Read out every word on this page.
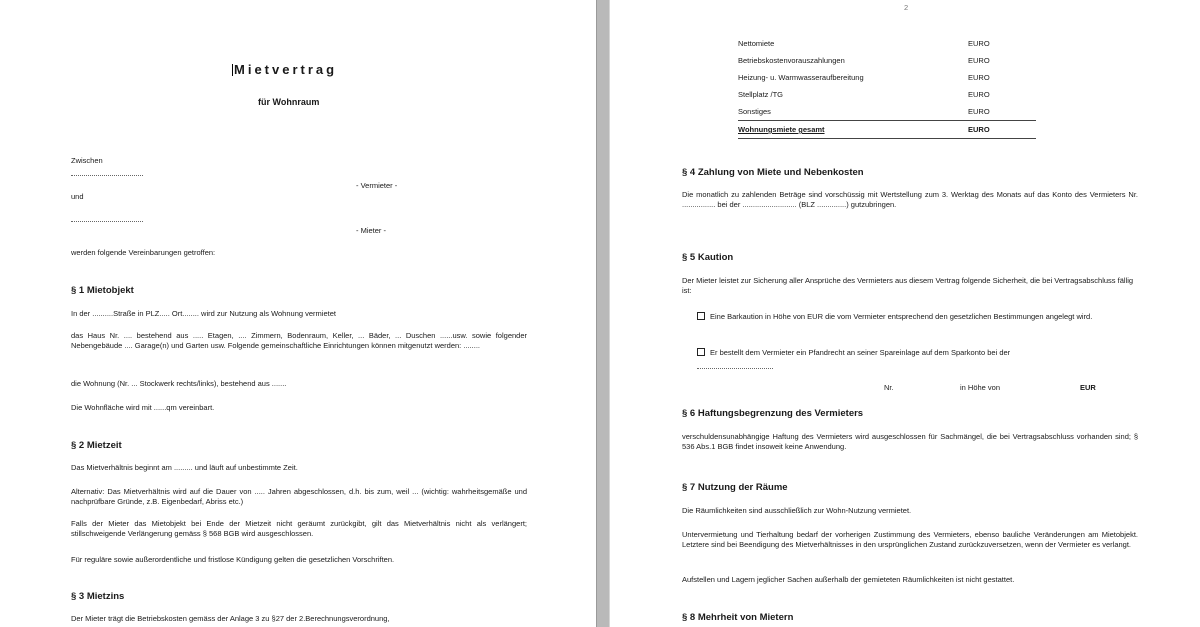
Mietvertrag
für Wohnraum
Zwischen
- Vermieter -
und
- Mieter -
werden folgende Vereinbarungen getroffen:
§ 1 Mietobjekt
In der ..........Straße in PLZ..... Ort........ wird zur Nutzung als Wohnung vermietet
das Haus Nr. .... bestehend aus ..... Etagen, .... Zimmern, Bodenraum, Keller, ... Bäder, ... Duschen ......usw. sowie folgender Nebengebäude .... Garage(n) und Garten usw. Folgende gemeinschaftliche Einrichtungen können mitgenutzt werden: ........
die Wohnung (Nr. ... Stockwerk rechts/links), bestehend aus .......
Die Wohnfläche wird mit ......qm vereinbart.
§ 2 Mietzeit
Das Mietverhältnis beginnt am ......... und läuft auf unbestimmte Zeit.
Alternativ: Das Mietverhältnis wird auf die Dauer von ..... Jahren abgeschlossen, d.h. bis zum, weil ... (wichtig: wahrheitsgemäße und nachprüfbare Gründe, z.B. Eigenbedarf, Abriss etc.)
Falls der Mieter das Mietobjekt bei Ende der Mietzeit nicht geräumt zurückgibt, gilt das Mietverhältnis nicht als verlängert; stillschweigende Verlängerung gemäss § 568 BGB wird ausgeschlossen.
Für reguläre sowie außerordentliche und fristlose Kündigung gelten die gesetzlichen Vorschriften.
§ 3 Mietzins
Der Mieter trägt die Betriebskosten gemäss der Anlage 3 zu §27 der 2.Berechnungsverordnung,
2
Nettomiete	EURO
Betriebskostenvorauszahlungen	EURO
Heizung- u. Warmwasseraufbereitung	EURO
Stellplatz /TG	EURO
Sonstiges	EURO
Wohnungsmiete gesamt	EURO
§ 4 Zahlung von Miete und Nebenkosten
Die monatlich zu zahlenden Beträge sind vorschüssig mit Wertstellung zum 3. Werktag des Monats auf das Konto des Vermieters Nr. ................ bei der .......................... (BLZ ..............) gutzubringen.
§ 5 Kaution
Der Mieter leistet zur Sicherung aller Ansprüche des Vermieters aus diesem Vertrag folgende Sicherheit, die bei Vertragsabschluss fällig ist:
Eine Barkaution in Höhe von EUR die vom Vermieter entsprechend den gesetzlichen Bestimmungen angelegt wird.
Er bestellt dem Vermieter ein Pfandrecht an seiner Spareinlage auf dem Sparkonto bei der
Nr.	in Höhe von	EUR
§ 6 Haftungsbegrenzung des Vermieters
verschuldensunabhängige Haftung des Vermieters wird ausgeschlossen für Sachmängel, die bei Vertragsabschluss vorhanden sind; § 536 Abs.1 BGB findet insoweit keine Anwendung.
§ 7 Nutzung der Räume
Die Räumlichkeiten sind ausschließlich zur Wohn-Nutzung vermietet.
Untervermietung und Tierhaltung bedarf der vorherigen Zustimmung des Vermieters, ebenso bauliche Veränderungen am Mietobjekt. Letztere sind bei Beendigung des Mietverhältnisses in den ursprünglichen Zustand zurückzuversetzen, wenn der Vermieter es verlangt.
Aufstellen und Lagern jeglicher Sachen außerhalb der gemieteten Räumlichkeiten ist nicht gestattet.
§ 8 Mehrheit von Mietern
